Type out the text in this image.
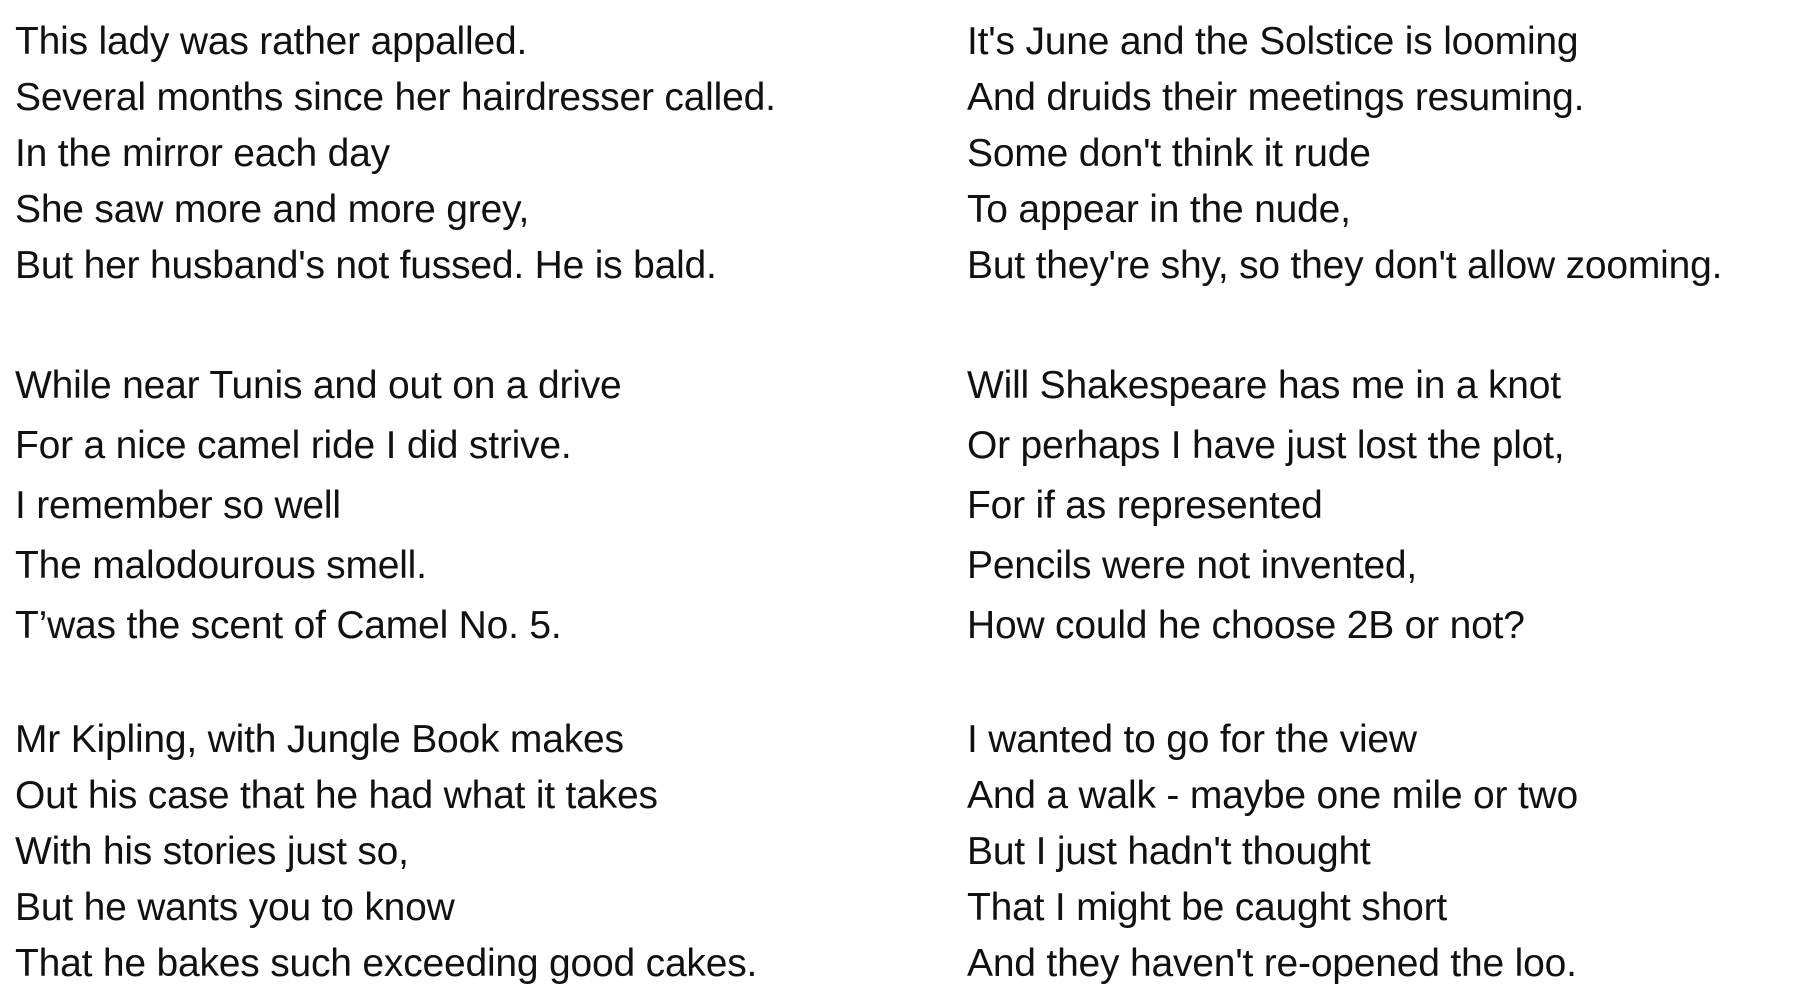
This lady was rather appalled.
Several months since her hairdresser called.
In the mirror each day
She saw more and more grey,
But her husband's not fussed. He is bald.
While near Tunis and out on a drive
For a nice camel ride I did strive.
I remember so well
The malodourous smell.
T’was the scent of Camel No. 5.
Mr Kipling, with Jungle Book makes
Out his case that he had what it takes
With his stories just so,
But he wants you to know
That he bakes such exceeding good cakes.
It's June and the Solstice is looming
And druids their meetings resuming.
Some don't think it rude
To appear in the nude,
But they're shy, so they don't allow zooming.
Will Shakespeare has me in a knot
Or perhaps I have just lost the plot,
For if as represented
Pencils were not invented,
How could he choose 2B or not?
I wanted to go for the view
And a walk - maybe one mile or two
But I just hadn't thought
That I might be caught short
And they haven't re-opened the loo.
